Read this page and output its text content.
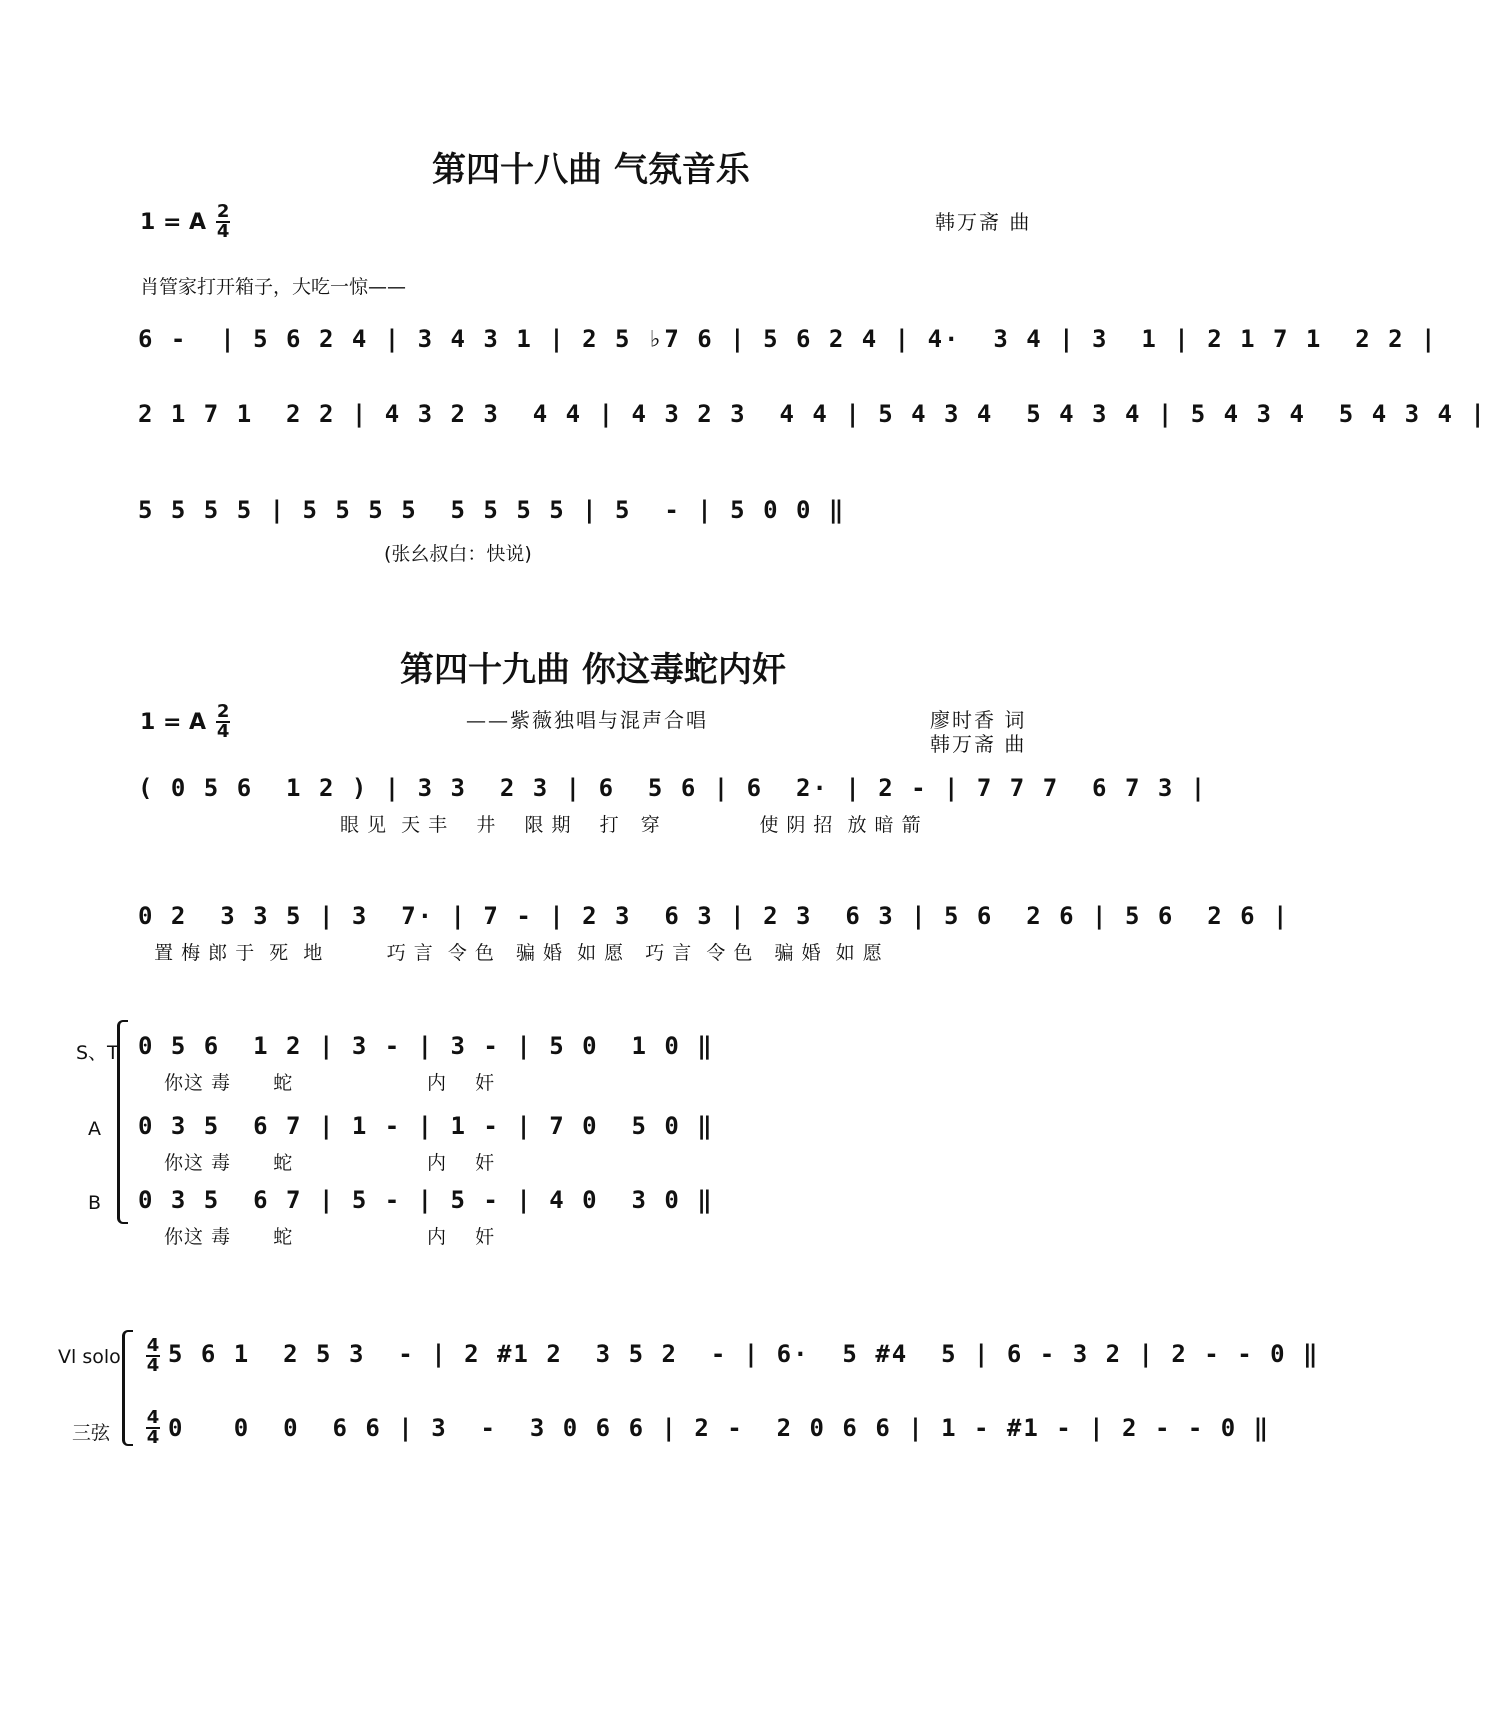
第四十八曲 气氛音乐
1 = A $\frac{2}{4}$	韩万斋 曲
肖管家打开箱子，大吃一惊——
6 -  | 5 6 2 4 | 3 4 3 1 | 2 5 ♭7 6 | 5 6 2 4 | 4·  3 4 | 3  1 | 2 1 7 1  2 2 |
2 1 7 1  2 2 | 4 3 2 3  4 4 | 4 3 2 3  4 4 | 5 4 3 4  5 4 3 4 | 5 4 3 4  5 4 3 4 |
5 5 5 5 | 5 5 5 5  5 5 5 5 | 5  - | 5 0 0 ‖
(张幺叔白：快说)
第四十九曲 你这毒蛇内奸
1 = A $\frac{2}{4}$	——紫薇独唱与混声合唱	廖时香 词
韩万斋 曲
( 0 5 6  1 2 ) | 3 3  2 3 | 6  5 6 | 6  2· | 2 - | 7 7 7  6 7 3 |
眼 见  天 丰    井    限 期    打   穿              使 阴 招  放 暗 箭
0 2  3 3 5 | 3  7· | 7 - | 2 3  6 3 | 2 3  6 3 | 5 6  2 6 | 5 6  2 6 |
置 梅 郎 于  死  地         巧 言  令 色   骗 婚  如 愿   巧 言  令 色   骗 婚  如 愿
S、T 0 5 6  1 2 | 3 - | 3 - | 5 0  1 0 ‖
你这 毒      蛇                   内    奸
A 0 3 5  6 7 | 1 - | 1 - | 7 0  5 0 ‖
你这 毒      蛇                   内    奸
B 0 3 5  6 7 | 5 - | 5 - | 4 0  3 0 ‖
你这 毒      蛇                   内    奸
Vl solo $\frac{4}{4} 5$ 6 1  2 5 3  - | 2 #1 2  3 5 2  - | 6·  5 #4  5 | 6 - 3 2 | 2 - - 0 ‖
三弦 $\frac{4}{4} 0$   0  0  6 6 | 3  -  3 0 6 6 | 2 -  2 0 6 6 | 1 - #1 - | 2 - - 0 ‖
